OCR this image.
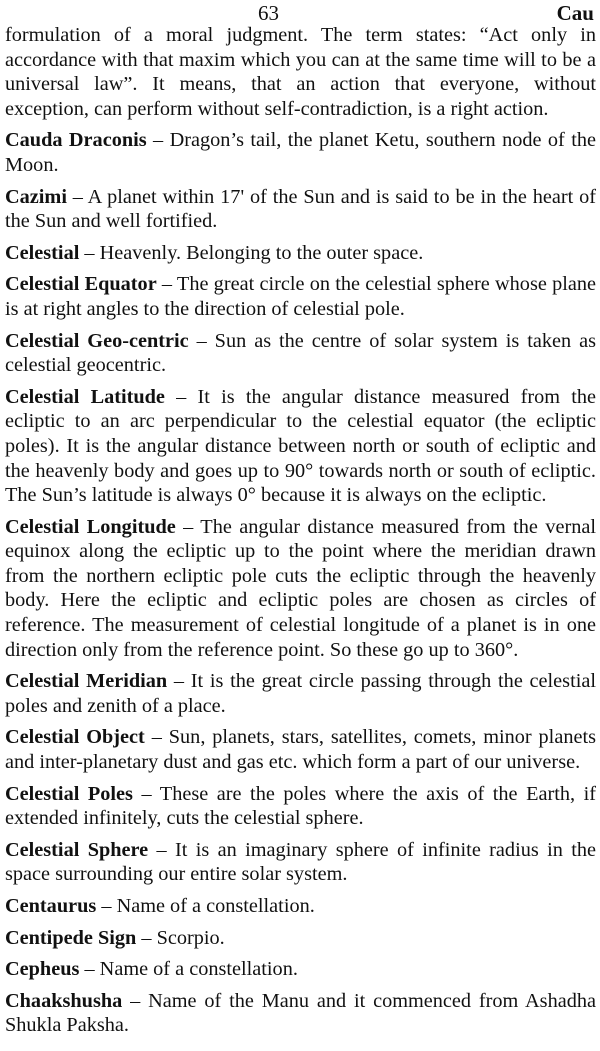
63	Cau

formulation of a moral judgment. The term states: “Act only in accordance with that maxim which you can at the same time will to be a universal law”. It means, that an action that everyone, without exception, can perform without self-contradiction, is a right action.

Cauda Draconis – Dragon’s tail, the planet Ketu, southern node of the Moon.

Cazimi – A planet within 17' of the Sun and is said to be in the heart of the Sun and well fortified.

Celestial – Heavenly. Belonging to the outer space.

Celestial Equator – The great circle on the celestial sphere whose plane is at right angles to the direction of celestial pole.

Celestial Geo-centric – Sun as the centre of solar system is taken as celestial geocentric.

Celestial Latitude – It is the angular distance measured from the ecliptic to an arc perpendicular to the celestial equator (the ecliptic poles). It is the angular distance between north or south of ecliptic and the heavenly body and goes up to 90° towards north or south of ecliptic. The Sun’s latitude is always 0° because it is always on the ecliptic.

Celestial Longitude – The angular distance measured from the vernal equinox along the ecliptic up to the point where the meridian drawn from the northern ecliptic pole cuts the ecliptic through the heavenly body. Here the ecliptic and ecliptic poles are chosen as circles of reference. The measurement of celestial longitude of a planet is in one direction only from the reference point. So these go up to 360°.

Celestial Meridian – It is the great circle passing through the celestial poles and zenith of a place.

Celestial Object – Sun, planets, stars, satellites, comets, minor planets and inter-planetary dust and gas etc. which form a part of our universe.

Celestial Poles – These are the poles where the axis of the Earth, if extended infinitely, cuts the celestial sphere.

Celestial Sphere – It is an imaginary sphere of infinite radius in the space surrounding our entire solar system.

Centaurus – Name of a constellation.

Centipede Sign – Scorpio.

Cepheus – Name of a constellation.

Chaakshusha – Name of the Manu and it commenced from Ashadha Shukla Paksha.
